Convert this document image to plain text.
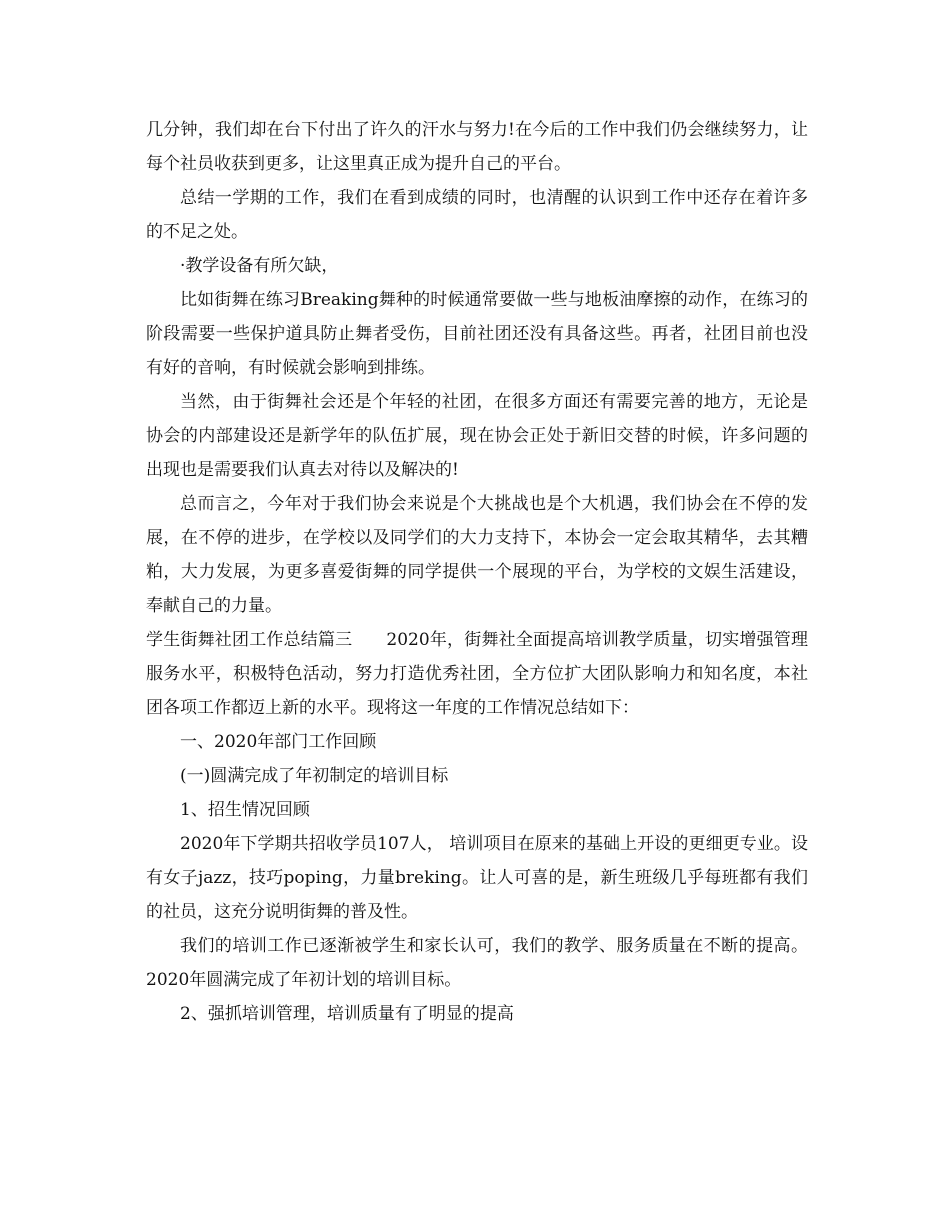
几分钟，我们却在台下付出了许久的汗水与努力!在今后的工作中我们仍会继续努力，让每个社员收获到更多，让这里真正成为提升自己的平台。

总结一学期的工作，我们在看到成绩的同时，也清醒的认识到工作中还存在着许多的不足之处。

·教学设备有所欠缺，

比如街舞在练习Breaking舞种的时候通常要做一些与地板油摩擦的动作，在练习的阶段需要一些保护道具防止舞者受伤，目前社团还没有具备这些。再者，社团目前也没有好的音响，有时候就会影响到排练。

当然，由于街舞社会还是个年轻的社团，在很多方面还有需要完善的地方，无论是协会的内部建设还是新学年的队伍扩展，现在协会正处于新旧交替的时候，许多问题的出现也是需要我们认真去对待以及解决的!

总而言之，今年对于我们协会来说是个大挑战也是个大机遇，我们协会在不停的发展，在不停的进步，在学校以及同学们的大力支持下，本协会一定会取其精华，去其糟粕，大力发展，为更多喜爱街舞的同学提供一个展现的平台，为学校的文娱生活建设，奉献自己的力量。

学生街舞社团工作总结篇三 2020年，街舞社全面提高培训教学质量，切实增强管理服务水平，积极特色活动，努力打造优秀社团，全方位扩大团队影响力和知名度，本社团各项工作都迈上新的水平。现将这一年度的工作情况总结如下：

一、2020年部门工作回顾

(一)圆满完成了年初制定的培训目标

1、招生情况回顾

2020年下学期共招收学员107人， 培训项目在原来的基础上开设的更细更专业。设有女子jazz，技巧poping，力量breking。让人可喜的是，新生班级几乎每班都有我们的社员，这充分说明街舞的普及性。

我们的培训工作已逐渐被学生和家长认可，我们的教学、服务质量在不断的提高。2020年圆满完成了年初计划的培训目标。

2、强抓培训管理，培训质量有了明显的提高
